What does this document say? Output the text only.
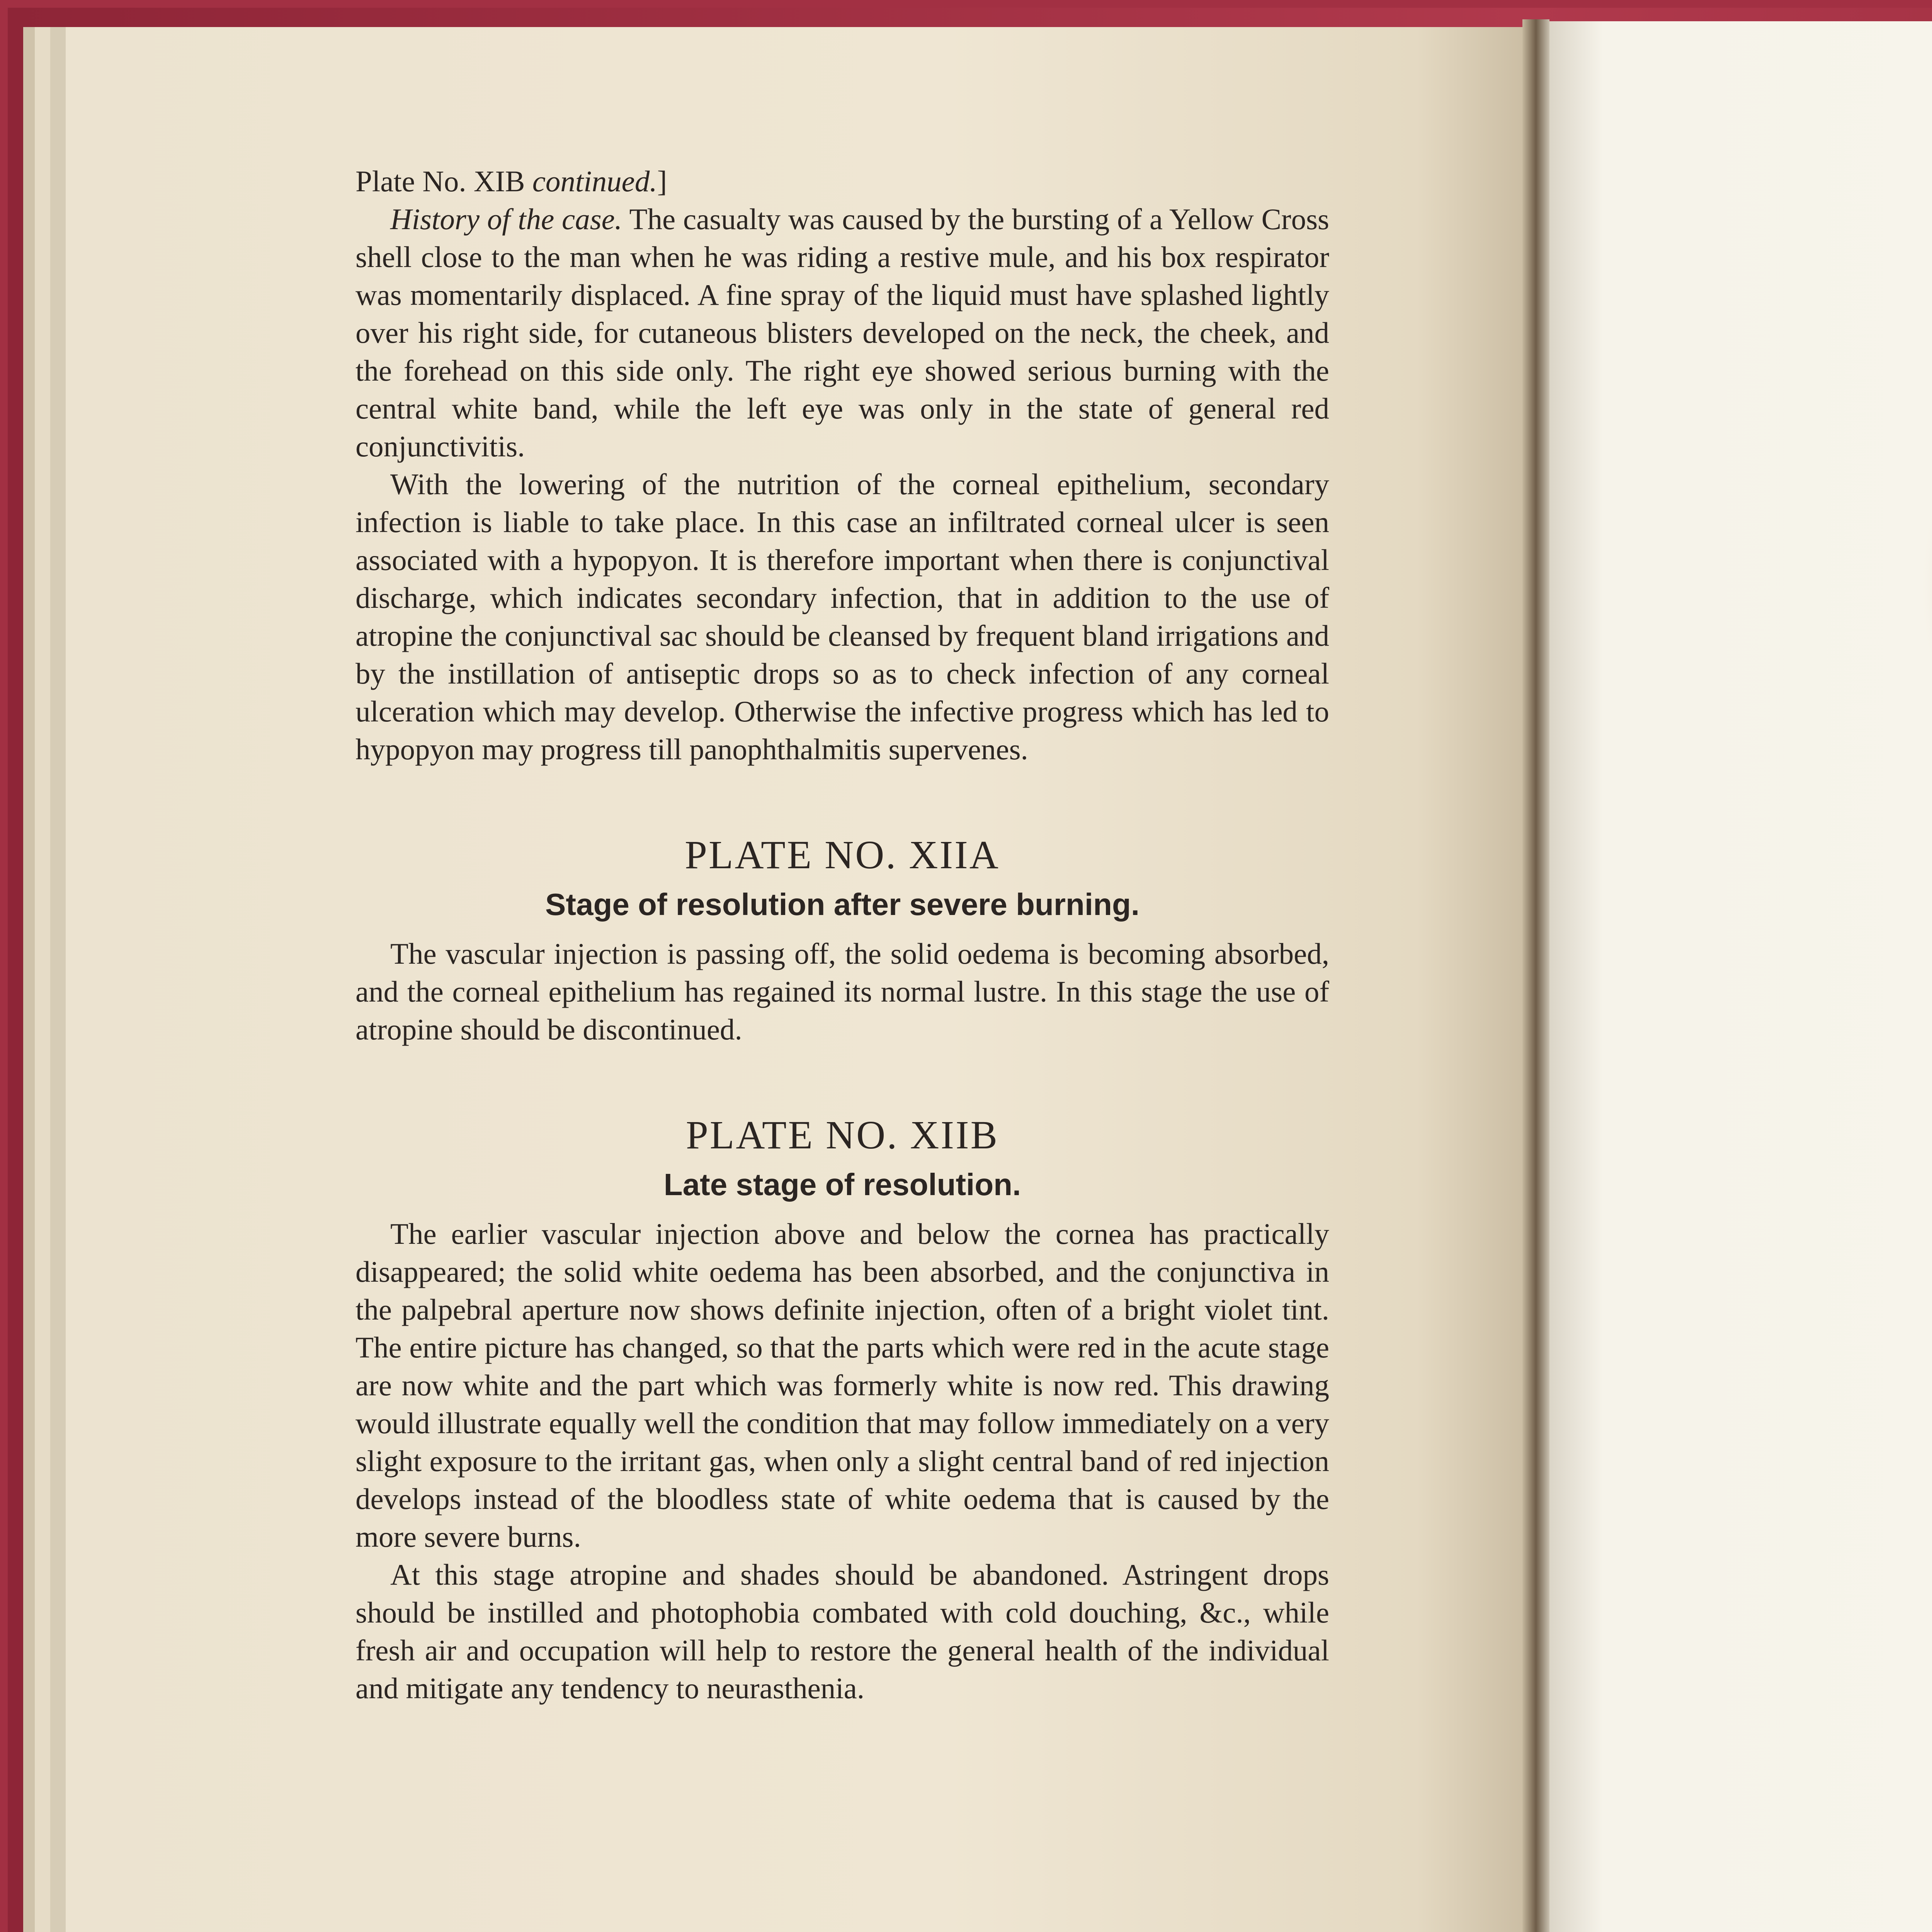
Plate No. XIB continued.]

History of the case. The casualty was caused by the bursting of a Yellow Cross shell close to the man when he was riding a restive mule, and his box respirator was momentarily displaced. A fine spray of the liquid must have splashed lightly over his right side, for cutaneous blisters developed on the neck, the cheek, and the forehead on this side only. The right eye showed serious burning with the central white band, while the left eye was only in the state of general red conjunctivitis.

With the lowering of the nutrition of the corneal epithelium, secondary infection is liable to take place. In this case an infiltrated corneal ulcer is seen associated with a hypopyon. It is therefore important when there is conjunctival discharge, which indicates secondary infection, that in addition to the use of atropine the conjunctival sac should be cleansed by frequent bland irrigations and by the instillation of antiseptic drops so as to check infection of any corneal ulceration which may develop. Otherwise the infective progress which has led to hypopyon may progress till panophthalmitis supervenes.

PLATE NO. XIIA
Stage of resolution after severe burning.

The vascular injection is passing off, the solid oedema is becoming absorbed, and the corneal epithelium has regained its normal lustre. In this stage the use of atropine should be discontinued.

PLATE NO. XIIB
Late stage of resolution.

The earlier vascular injection above and below the cornea has practically disappeared; the solid white oedema has been absorbed, and the conjunctiva in the palpebral aperture now shows definite injection, often of a bright violet tint. The entire picture has changed, so that the parts which were red in the acute stage are now white and the part which was formerly white is now red. This drawing would illustrate equally well the condition that may follow immediately on a very slight exposure to the irritant gas, when only a slight central band of red injection develops instead of the bloodless state of white oedema that is caused by the more severe burns.

At this stage atropine and shades should be abandoned. Astringent drops should be instilled and photophobia combated with cold douching, &c., while fresh air and occupation will help to restore the general health of the individual and mitigate any tendency to neurasthenia.
